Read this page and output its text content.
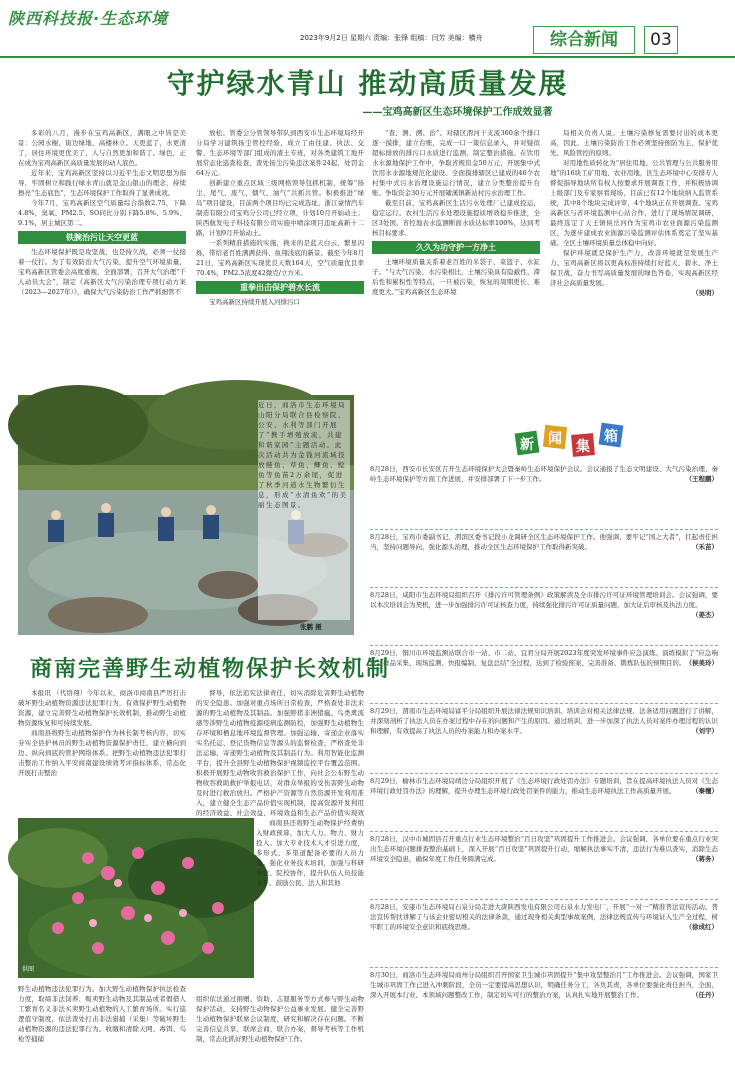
陕西科技报·生态环境
2023年9月2日 星期六 责编：张锋 组稿：闫芳 美编：横舟	综合新闻	03
守护绿水青山 推动高质量发展
——宝鸡高新区生态环境保护工作成效显著

多彩的八月，漫步在宝鸡高新区，满眼之中皆是美景：公园水榭、街边绿地、高楼林立。天更蓝了，水更清了，居住环境更优美了，人与自然更加和谐了。绿色，正在成为宝鸡高新区高质量发展的动人底色。

近年来，宝鸡高新区坚持以习近平生态文明思想为指导，牢固树立和践行绿水青山就是金山银山的理念，持续擦亮“生态底色”，生态环境保护工作取得了显著成效。

今年7月，宝鸡高新区空气质量综合指数2.75，下降4.8%，臭氧、PM2.5、SO同比分别下降5.8%、5.9%、9.1%，居主城区第二。

铁腕治污让天空更蓝

生态环境保护既是攻坚战，也是持久战，必须一仗接着一仗打。为了有效防治大气污染，提升空气环境质量，宝鸡高新区管委会高度重视，全面部署，召开大气治理“千人动员大会”，制定《高新区大气污染治理专项行动方案（2023—2027年）》，确保大气污染防治工作严抓细管不

放松。管委会分管领导带队到西安市生态环境局经开分局学习建筑扬尘管控经验，成立了由住建、执法、交警、生态环境等部门组成的渣土专班，对各类建筑工地开展常态化巡查检查，查处扬尘污染违法案件24起，处罚金64万元。

创新建立重点区域三级网格领导包抓机制，统筹“扬尘、尾气、废气、烟气、油气”共抓共管。积极推进“绿岛”项目建设，目前两个项目均已完成选址，浙江豪情汽车制造有限公司宝鸡分公司已经立项，计划10月开始动土；陕西航发电子科技有限公司实施中喷涂项目违址高新十二路，计划9月开始动土。

一系列精准措施的实施，换来的是蓝天白云、繁星闪烁，带给老百姓满满获得、鱼翔浅底的新景。截至今年8月21日，宝鸡高新区实现优良天数164天，空气质量优良率70.4%，PM2.5浓度42微克/立方米。

重拳出击保护碧水长流

宝鸡高新区持续开展入河排污口

“查、测、溯、治”。对辖区渭河干支流360余个排口逐一摸排，建立台账，完成一口一策信息录入，并对疑似超标排放的排污口水质进行监测，制定整治措施。在饮用水水源地保护工作中，争取省规资金50万元，开展集中式饮用水水源地规范化建设。全面摸排辖区已建成的46个农村集中式污水治理设施运行情况，建立分类整治提升台账。争取资金30万元开展磻溪镇新站村污水治理工作。

截至目前，宝鸡高新区生活污水处理厂已建成投运，稳定运行。农村生活污水处理设施提质增效稳步推进，全区3处国、省控地表水监测断面水质达标率100%，达到考核目标要求。

久久为功守护一方净土

土壤环境质量关系着老百姓的米袋子、菜篮子、水缸子。“与大气污染、水污染相比，土壤污染具有隐蔽性、滞后性和累积性等特点，一旦被污染，恢复的周期更长、难度更大。”宝鸡高新区生态环境

局相关负责人说。土壤污染修复需要付出的成本更高，因此，土壤污染防治工作必须坚持预防为主、保护优先、风险管控的原则。

对用地性质转化为“居住用地、公共管理与公共服务用地”的16块工矿用地、农业用地，区生态环境中心安排专人督促指导地块所有权人按要求开展调查工作，并积极协调上级部门及专家察看现场，目前已有12个地块纳入监管系统，其中8个地块完成评审，4个地块正在开展调查。宝鸡高新区与省环境监测中心站合作，进行了现场情况调研，最终选定了天王镇侯岳河作为宝鸡市农业面源污染监测区，为逐步建成农业面源污染监测评估体系奠定了坚实基础。全区土壤环境质量总体稳中向好。

保护环境就是保护生产力，改善环境就是发展生产力。宝鸡高新区将以更高标准持续打好蓝天、碧水、净土保卫战，奋力书写高质量发展的绿色答卷，实现高新区经济社会高质量发展。

（吴明）

近日，商洛市生态环境局山阳分局联合县检察院、公安、水利等部门开展了“携手增殖放流，共建和谐家园”主题活动。此次活动共为金钱河流域投放鲢鱼、草鱼、鲫鱼、鲶鱼等鱼苗2万余尾，促进了秋季河道水生物繁衍生息，形成“水清鱼欢”的美丽生态图景。
张鹏 摄
新 闻 集
箱
8月28日，西安市长安区召开生态环境保护大会暨秦岭生态环境保护会议。会议通报了生态文明建设、大气污染治理、秦岭生态环境保护等方面工作进展，并安排部署了下一步工作。	（王程鹏）
8月28日，宝鸡市委副书记、渭滨区委书记段小龙调研全区生态环境保护工作。他强调，要牢记“国之大者”，扛起责任担当，坚持问题导向，强化源头治理，推动全区生态环境保护工作取得新突破。	（禾苗）
8月28日，咸阳市生态环境局组织召开《排污许可管理条例》政策解读及全市排污许可证环境管理培训会。会议强调，要以本次培训会为契机，进一步加强排污许可证核查力度，持续强化排污许可证质量问题，加大证后审核及执法力度。
（姜杰）
8月29日，铜川市环境监测站联合市一站、市二站、宜君分局开展2023年度突发环境事件应急演练。演练模拟了“应急响应、样品采集、现场监测、快报编制、复盘总结”全过程，达到了检验预案、完善准备、锻炼队伍的预期目的。 （侯美玲）
8月29日，渭南市生态环境局富平分局组织开展法律法规知识培训。培训会对相关法律法规、法条适用问题进行了讲解，并深刻剖析了执法人员在办案过程中存在的问题和产生的原因。通过培训，进一步加深了执法人员对案件办理过程的认识和理解，有效提高了执法人员的办案能力和办案水平。	（刘宇）
8月29日，榆林市生态环境局靖边分局组织开展了《生态环境行政处罚办法》专题培训，旨在提高环境执法人员对《生态环境行政处罚办法》的理解，提升办理生态环境行政处罚案件的能力，推动生态环境执法工作高质量开展。	（秦檀）
8月28日，汉中市城固县召开重点行业生态环境整治“百日攻坚”巩固提升工作推进会。会议强调，各单位要在重点行业突出生态环境问题排查整治基础上，深入开展“百日攻坚”巩固提升行动，缩解执法事实不清、违法行为难以查实，消除生态环境安全隐患，确保年度工作任务圆满完成。	（蒋务）
8月28日，安康市生态环境局石泉分局走进大唐陕西发电有限公司石泉水力发电厂，开展“一对一”精准普法宣传活动。普法宣传帮扶讲解了与该企业密切相关的法律条款，通过现身相关典型事故案例，法律法规宣传与环境证入生产全过程，树牢职工的环境安全意识和底线思维。	（徐成红）
8月30日，商洛市生态环境局商州分局组织召开国家卫生城市巩固提升“集中攻坚整治月”工作推进会。会议强调，国家卫生城市巩固工作已进入冲刺阶段，全员一定要提高思想认识，明确任务分工，各负其责，各单位要强化责任担当，全面、深入开展本行业、本领域问题整改工作，制定切实可行的整治方案，认真扎实地开展整治工作。	（任丹）
商南完善野生动植物保护长效机制

本报讯 （代络翔）今年以来，商洛市商南县严厉打击破坏野生动植物资源违法犯罪行为，有效保护野生动植物资源，建立完善野生动植物保护长效机制，推动野生动植物资源恢复和可持续发展。

商南县将野生动植物保护作为林长制考核内容，切实夯实全县护林员的野生动植物资源保护责任，建立横向到边、纵向到底的管护网络体系。把野生动植物违法犯罪打击整治工作纳入平安商南建设绩效考评指标体系，常态化开展打击整治

督导，依法追究法律责任，切实消除危害野生动植物的安全隐患。加强对重点场所日常检查，严格查处非法来源的野生动植物及其制品。加强野猪非洲猪瘟、鸟类禽流感等涉野生动植物疫源疫病监测防控，加强野生动植物生存环境和栖息地环境监督管理。加强运输、寄递企业落实实名托运、登记货物信息等源头的监督检查，严格查处非法运输、寄递野生动植物及其制品行为。利用智能化监测平台，提升全县野生动植物保护视频监控平台覆盖范围。积极开展野生动物收容救治保护工作，向社会公布野生动物收容救助救护举报电话，对群众举报的受伤害野生动物及时进行救治放归。严格护产资源等自然资源开发利用准入，建立健全生态产品价值实现机制，提高资源开发利用的经济效益、社会效益、环境效益和生态产品价值实现效

供图

商南县还将野生动物保护经费纳入财政预算，加大人力、物力、财力投入。加大专业技术人才引进力度，多形式、多渠道配备必要的人员力量。强化业务技术培训，加强与科研单位、院校协作，提升队伍人员技能水平。鼓励公民、法人和其他

野生动植物违法犯罪行为。加大野生动植物保护执法检查力度，取缔非法饲养、贩卖野生动物及其制品或者假借人工繁育名义非法买卖野生动植物的人工繁育场所。实行巡逻值守制度，依法查处打击非法猎捕（采集）等破坏野生动植物资源的违法犯罪行为。收缴和清除天网、毒饵、鸟枪等捕捕

组织依法通过捐赠、资助、志愿服务等方式参与野生动物保护活动，支持野生动物保护公益事业发展。健全完善野生动植物保护联席会议制度，研究和解决存在问题。不断完善信息共享、联席会商，联合办案，督导考核等工作机制，常态化抓好野生动植物保护工作。
